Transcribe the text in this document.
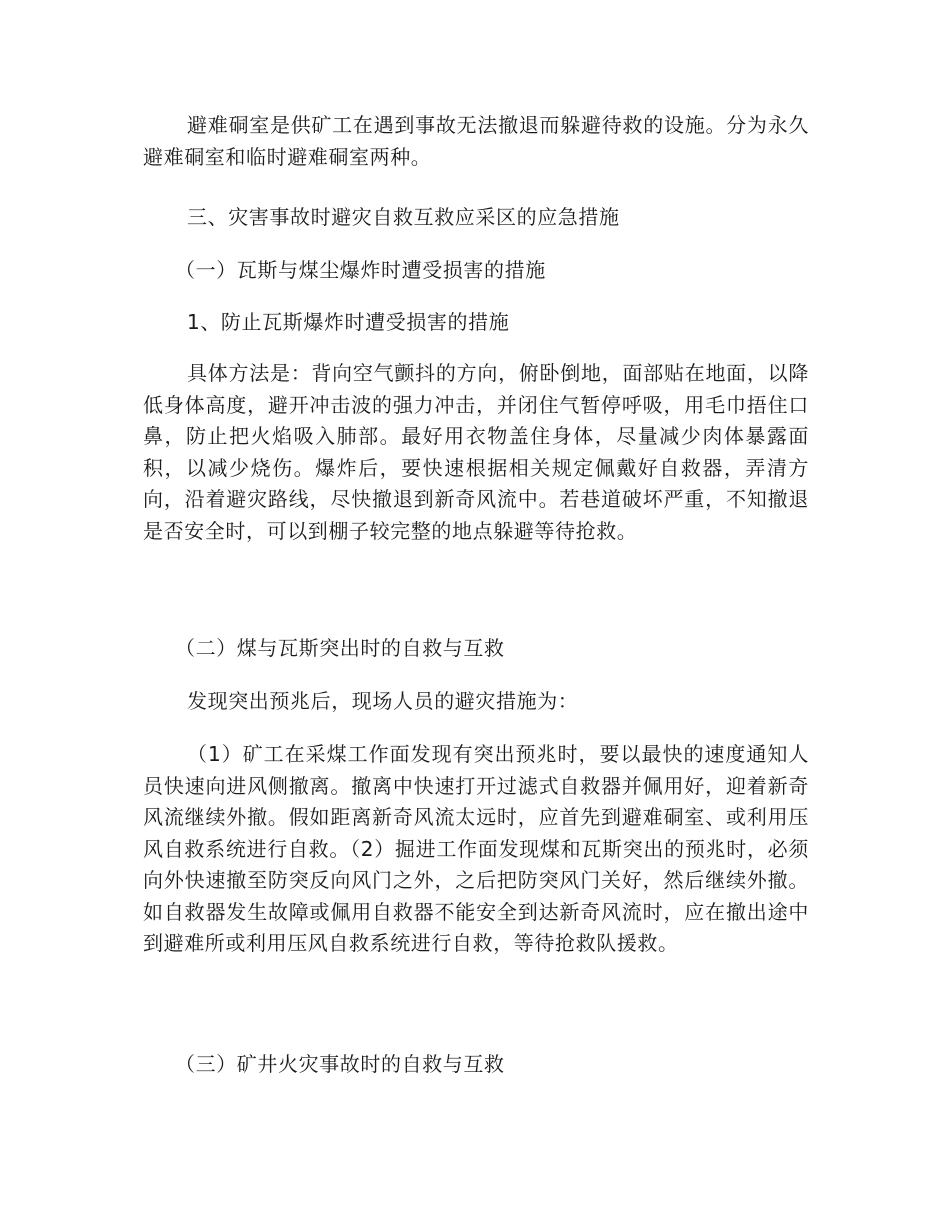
避难硐室是供矿工在遇到事故无法撤退而躲避待救的设施。分为永久避难硐室和临时避难硐室两种。

三、灾害事故时避灾自救互救应采区的应急措施

（一）瓦斯与煤尘爆炸时遭受损害的措施

1、防止瓦斯爆炸时遭受损害的措施

具体方法是：背向空气颤抖的方向，俯卧倒地，面部贴在地面，以降低身体高度，避开冲击波的强力冲击，并闭住气暂停呼吸，用毛巾捂住口鼻，防止把火焰吸入肺部。最好用衣物盖住身体，尽量减少肉体暴露面积，以减少烧伤。爆炸后，要快速根据相关规定佩戴好自救器，弄清方向，沿着避灾路线，尽快撤退到新奇风流中。若巷道破坏严重，不知撤退是否安全时，可以到棚子较完整的地点躲避等待抢救。

（二）煤与瓦斯突出时的自救与互救

发现突出预兆后，现场人员的避灾措施为：

（1）矿工在采煤工作面发现有突出预兆时，要以最快的速度通知人员快速向进风侧撤离。撤离中快速打开过滤式自救器并佩用好，迎着新奇风流继续外撤。假如距离新奇风流太远时，应首先到避难硐室、或利用压风自救系统进行自救。（2）掘进工作面发现煤和瓦斯突出的预兆时，必须向外快速撤至防突反向风门之外，之后把防突风门关好，然后继续外撤。如自救器发生故障或佩用自救器不能安全到达新奇风流时，应在撤出途中到避难所或利用压风自救系统进行自救，等待抢救队援救。

（三）矿井火灾事故时的自救与互救
